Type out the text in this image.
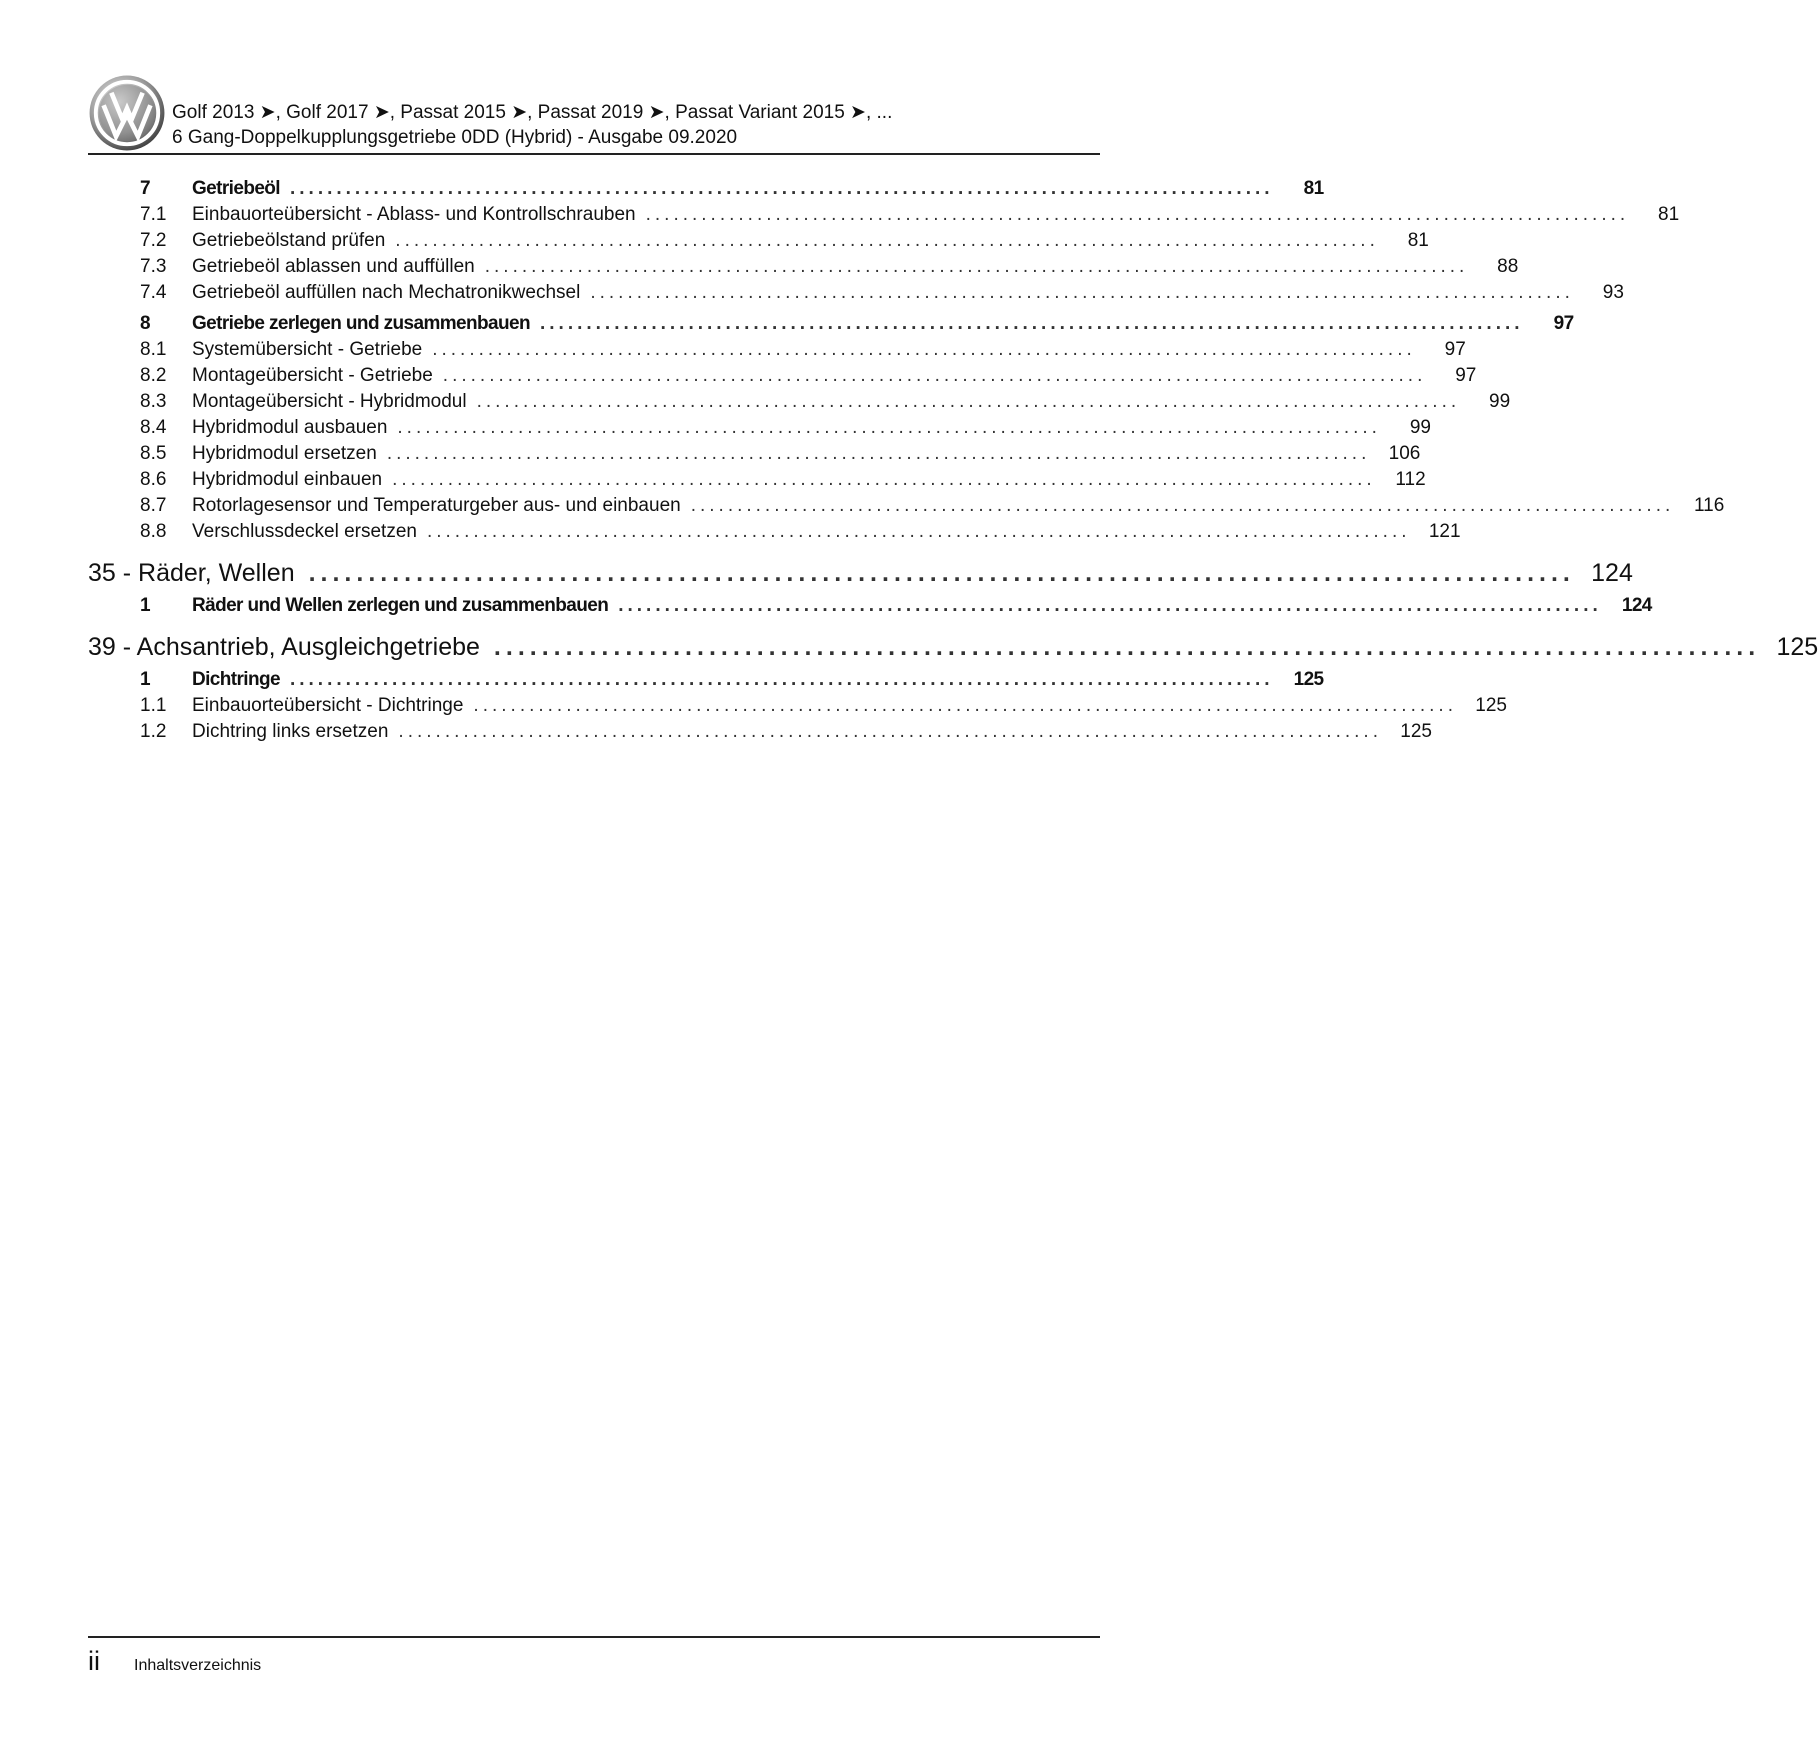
Golf 2013 ➤, Golf 2017 ➤, Passat 2015 ➤, Passat 2019 ➤, Passat Variant 2015 ➤, ...
6 Gang-Doppelkupplungsgetriebe 0DD (Hybrid) - Ausgabe 09.2020
7	Getriebeöl ..........................................................................................................	81
7.1	Einbauorteübersicht - Ablass- und Kontrollschrauben ..........................................................................................................	81
7.2	Getriebeölstand prüfen ..........................................................................................................	81
7.3	Getriebeöl ablassen und auffüllen ..........................................................................................................	88
7.4	Getriebeöl auffüllen nach Mechatronikwechsel ..........................................................................................................	93
8	Getriebe zerlegen und zusammenbauen ..........................................................................................................	97
8.1	Systemübersicht - Getriebe ..........................................................................................................	97
8.2	Montageübersicht - Getriebe ..........................................................................................................	97
8.3	Montageübersicht - Hybridmodul ..........................................................................................................	99
8.4	Hybridmodul ausbauen ..........................................................................................................	99
8.5	Hybridmodul ersetzen .......................................................................................................... 106
8.6	Hybridmodul einbauen ..........................................................................................................	112
8.7	Rotorlagesensor und Temperaturgeber aus- und einbauen ..........................................................................................................	116
8.8	Verschlussdeckel ersetzen .......................................................................................................... 121
35 - Räder, Wellen .......................................................................................................... 124
1	Räder und Wellen zerlegen und zusammenbauen ..........................................................................................................	124
39 - Achsantrieb, Ausgleichgetriebe .......................................................................................................... 125
1	Dichtringe ..........................................................................................................	125
1.1	Einbauorteübersicht - Dichtringe .......................................................................................................... 125
1.2	Dichtring links ersetzen .......................................................................................................... 125
ii	Inhaltsverzeichnis
